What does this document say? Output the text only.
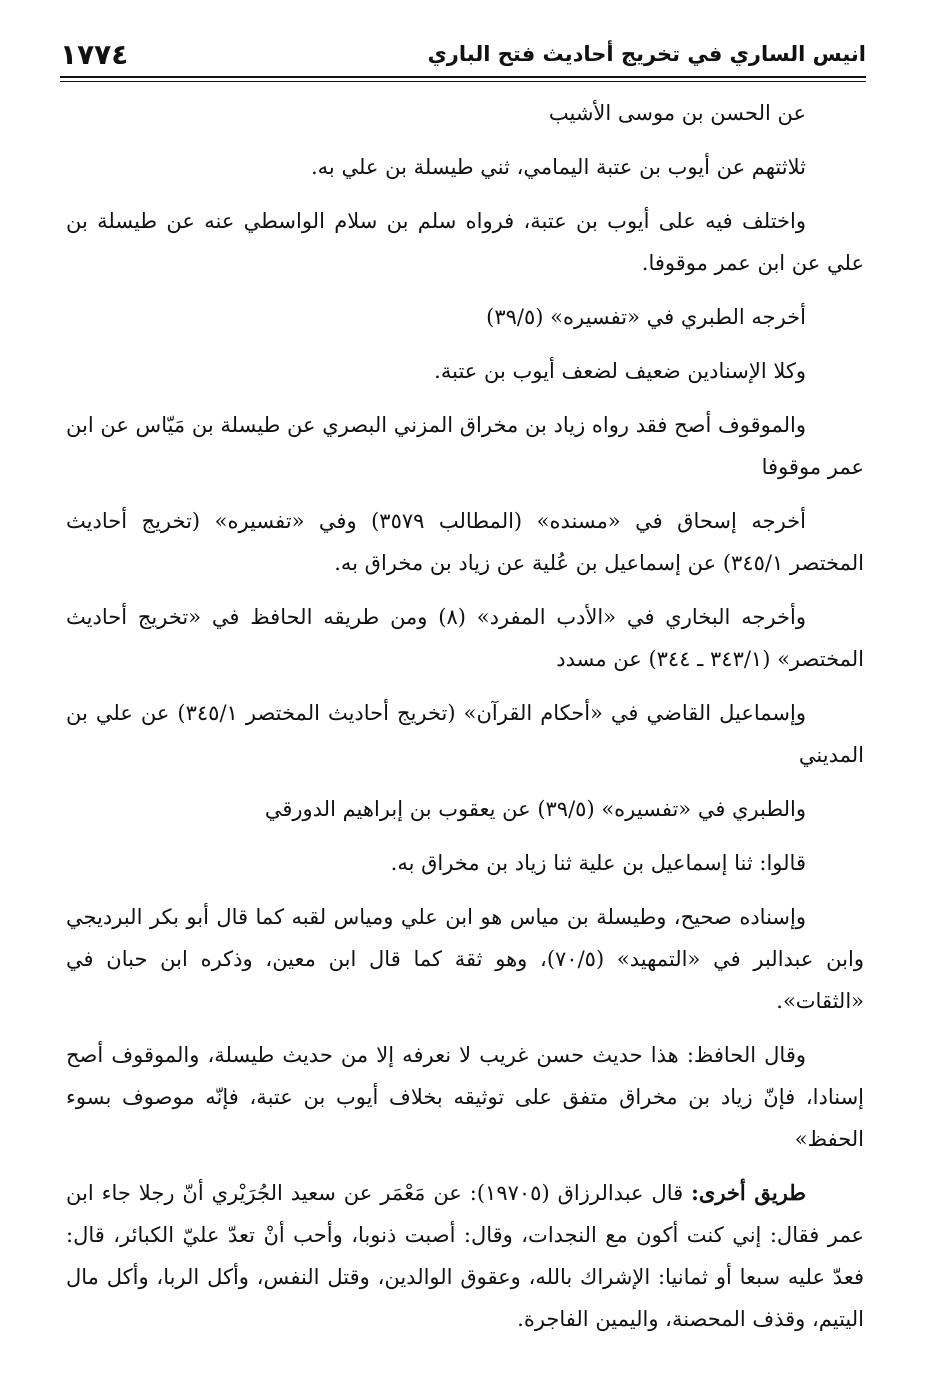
١٧٧٤	انيس الساري في تخريج أحاديث فتح الباري

عن الحسن بن موسى الأشيب

ثلاثتهم عن أيوب بن عتبة اليمامي، ثني طيسلة بن علي به.

واختلف فيه على أيوب بن عتبة، فرواه سلم بن سلام الواسطي عنه عن طيسلة بن علي عن ابن عمر موقوفا.

أخرجه الطبري في «تفسيره» (٣٩/٥)

وكلا الإسنادين ضعيف لضعف أيوب بن عتبة.

والموقوف أصح فقد رواه زياد بن مخراق المزني البصري عن طيسلة بن مَيّاس عن ابن عمر موقوفا

أخرجه إسحاق في «مسنده» (المطالب ٣٥٧٩) وفي «تفسيره» (تخريج أحاديث المختصر ٣٤٥/١) عن إسماعيل بن عُلية عن زياد بن مخراق به.

وأخرجه البخاري في «الأدب المفرد» (٨) ومن طريقه الحافظ في «تخريج أحاديث المختصر» (٣٤٣/١ ـ ٣٤٤) عن مسدد

وإسماعيل القاضي في «أحكام القرآن» (تخريج أحاديث المختصر ٣٤٥/١) عن علي بن المديني

والطبري في «تفسيره» (٣٩/٥) عن يعقوب بن إبراهيم الدورقي

قالوا: ثنا إسماعيل بن علية ثنا زياد بن مخراق به.

وإسناده صحيح، وطيسلة بن مياس هو ابن علي ومياس لقبه كما قال أبو بكر البرديجي وابن عبدالبر في «التمهيد» (٧٠/٥)، وهو ثقة كما قال ابن معين، وذكره ابن حبان في «الثقات».

وقال الحافظ: هذا حديث حسن غريب لا نعرفه إلا من حديث طيسلة، والموقوف أصح إسنادا، فإنّ زياد بن مخراق متفق على توثيقه بخلاف أيوب بن عتبة، فإنّه موصوف بسوء الحفظ»

طريق أخرى: قال عبدالرزاق (١٩٧٠٥): عن مَعْمَر عن سعيد الجُرَيْري أنّ رجلا جاء ابن عمر فقال: إني كنت أكون مع النجدات، وقال: أصبت ذنوبا، وأحب أنْ تعدّ عليّ الكبائر، قال: فعدّ عليه سبعا أو ثمانيا: الإشراك بالله، وعقوق الوالدين، وقتل النفس، وأكل الربا، وأكل مال اليتيم، وقذف المحصنة، واليمين الفاجرة.
